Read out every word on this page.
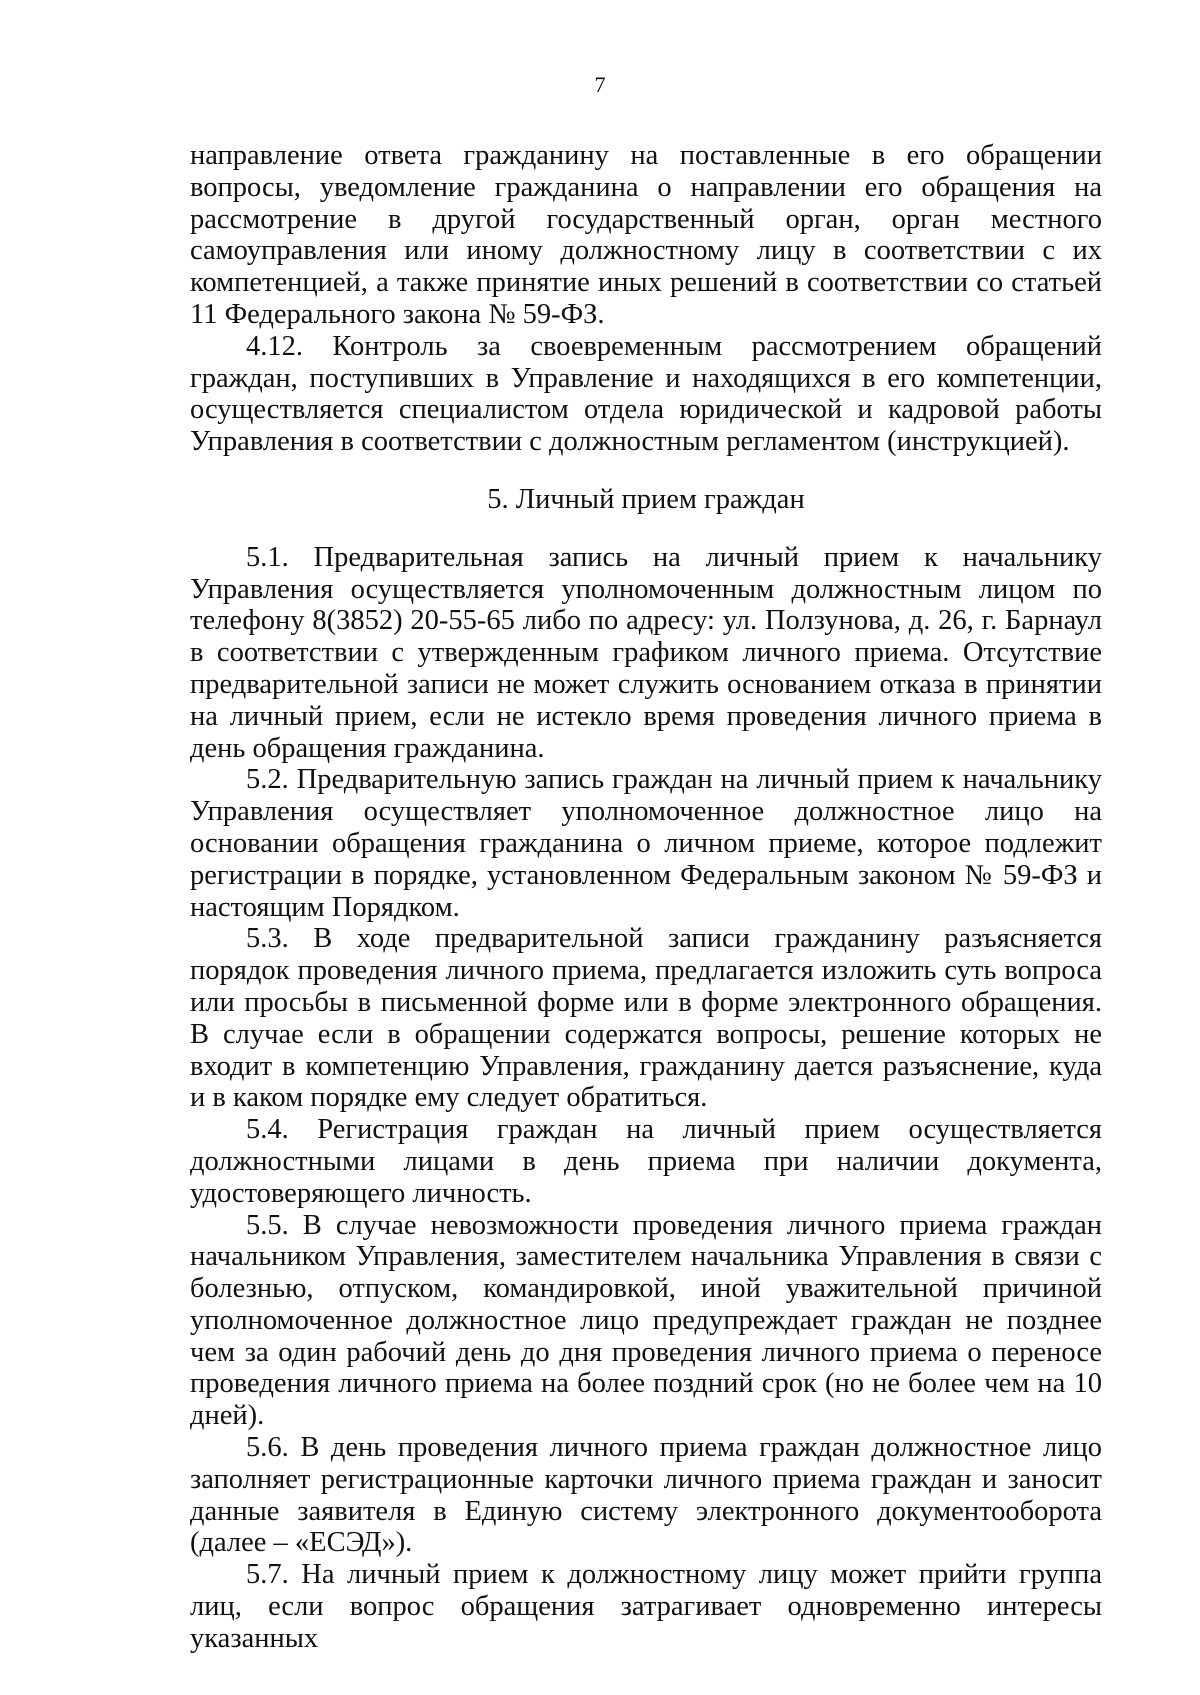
7

направление ответа гражданину на поставленные в его обращении вопросы, уведомление гражданина о направлении его обращения на рассмотрение в другой государственный орган, орган местного самоуправления или иному должностному лицу в соответствии с их компетенцией, а также принятие иных решений в соответствии со статьей 11 Федерального закона № 59-ФЗ.

4.12. Контроль за своевременным рассмотрением обращений граждан, поступивших в Управление и находящихся в его компетенции, осуществляется специалистом отдела юридической и кадровой работы Управления в соответствии с должностным регламентом (инструкцией).

5. Личный прием граждан

5.1. Предварительная запись на личный прием к начальнику Управления осуществляется уполномоченным должностным лицом по телефону 8(3852) 20-55-65 либо по адресу: ул. Ползунова, д. 26, г. Барнаул в соответствии с утвержденным графиком личного приема. Отсутствие предварительной записи не может служить основанием отказа в принятии на личный прием, если не истекло время проведения личного приема в день обращения гражданина.

5.2. Предварительную запись граждан на личный прием к начальнику Управления осуществляет уполномоченное должностное лицо на основании обращения гражданина о личном приеме, которое подлежит регистрации в порядке, установленном Федеральным законом № 59-ФЗ и настоящим Порядком.

5.3. В ходе предварительной записи гражданину разъясняется порядок проведения личного приема, предлагается изложить суть вопроса или просьбы в письменной форме или в форме электронного обращения. В случае если в обращении содержатся вопросы, решение которых не входит в компетенцию Управления, гражданину дается разъяснение, куда и в каком порядке ему следует обратиться.

5.4. Регистрация граждан на личный прием осуществляется должностными лицами в день приема при наличии документа, удостоверяющего личность.

5.5. В случае невозможности проведения личного приема граждан начальником Управления, заместителем начальника Управления в связи с болезнью, отпуском, командировкой, иной уважительной причиной уполномоченное должностное лицо предупреждает граждан не позднее чем за один рабочий день до дня проведения личного приема о переносе проведения личного приема на более поздний срок (но не более чем на 10 дней).

5.6. В день проведения личного приема граждан должностное лицо заполняет регистрационные карточки личного приема граждан и заносит данные заявителя в Единую систему электронного документооборота (далее – «ЕСЭД»).

5.7. На личный прием к должностному лицу может прийти группа лиц, если вопрос обращения затрагивает одновременно интересы указанных
